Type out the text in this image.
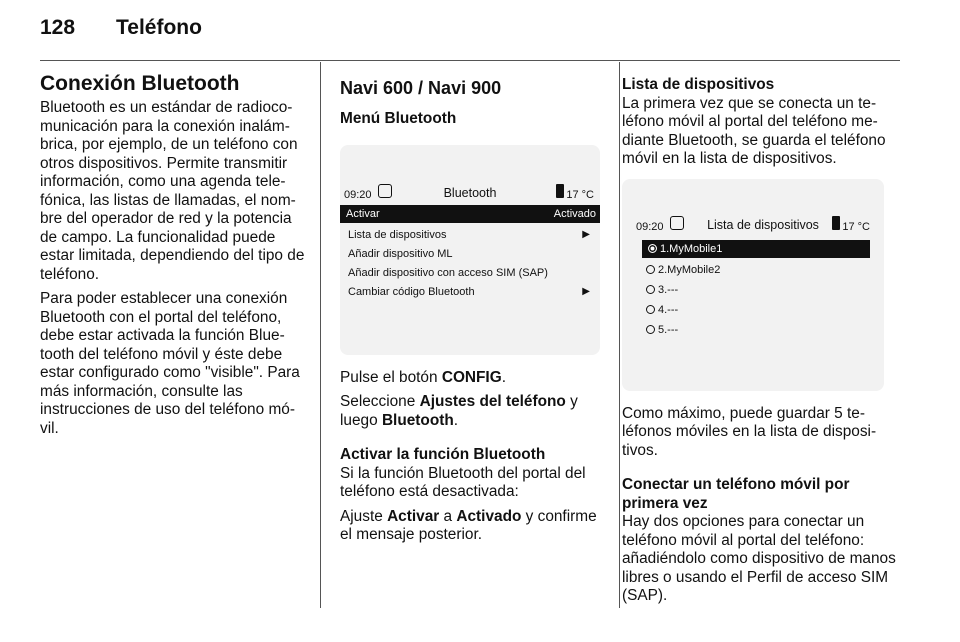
128 Teléfono
Conexión Bluetooth

Bluetooth es un estándar de radiocomunicación para la conexión inalámbrica, por ejemplo, de un teléfono con otros dispositivos. Permite transmitir información, como una agenda telefónica, las listas de llamadas, el nombre del operador de red y la potencia de campo. La funcionalidad puede estar limitada, dependiendo del tipo de teléfono.

Para poder establecer una conexión Bluetooth con el portal del teléfono, debe estar activada la función Bluetooth del teléfono móvil y éste debe estar configurado como "visible". Para más información, consulte las instrucciones de uso del teléfono móvil.

Navi 600 / Navi 900

Menú Bluetooth

09:20	Bluetooth	17 °C
Activar	Activado
Lista de dispositivos	▶
Añadir dispositivo ML
Añadir dispositivo con acceso SIM (SAP)
Cambiar código Bluetooth	▶

Pulse el botón CONFIG.

Seleccione Ajustes del teléfono y luego Bluetooth.

Activar la función Bluetooth

Si la función Bluetooth del portal del teléfono está desactivada:

Ajuste Activar a Activado y confirme el mensaje posterior.

Lista de dispositivos

La primera vez que se conecta un teléfono móvil al portal del teléfono mediante Bluetooth, se guarda el teléfono móvil en la lista de dispositivos.

09:20	Lista de dispositivos	17 °C
1.MyMobile1
2.MyMobile2
3.---
4.---
5.---

Como máximo, puede guardar 5 teléfonos móviles en la lista de dispositivos.

Conectar un teléfono móvil por primera vez

Hay dos opciones para conectar un teléfono móvil al portal del teléfono: añadiéndolo como dispositivo de manos libres o usando el Perfil de acceso SIM (SAP).
